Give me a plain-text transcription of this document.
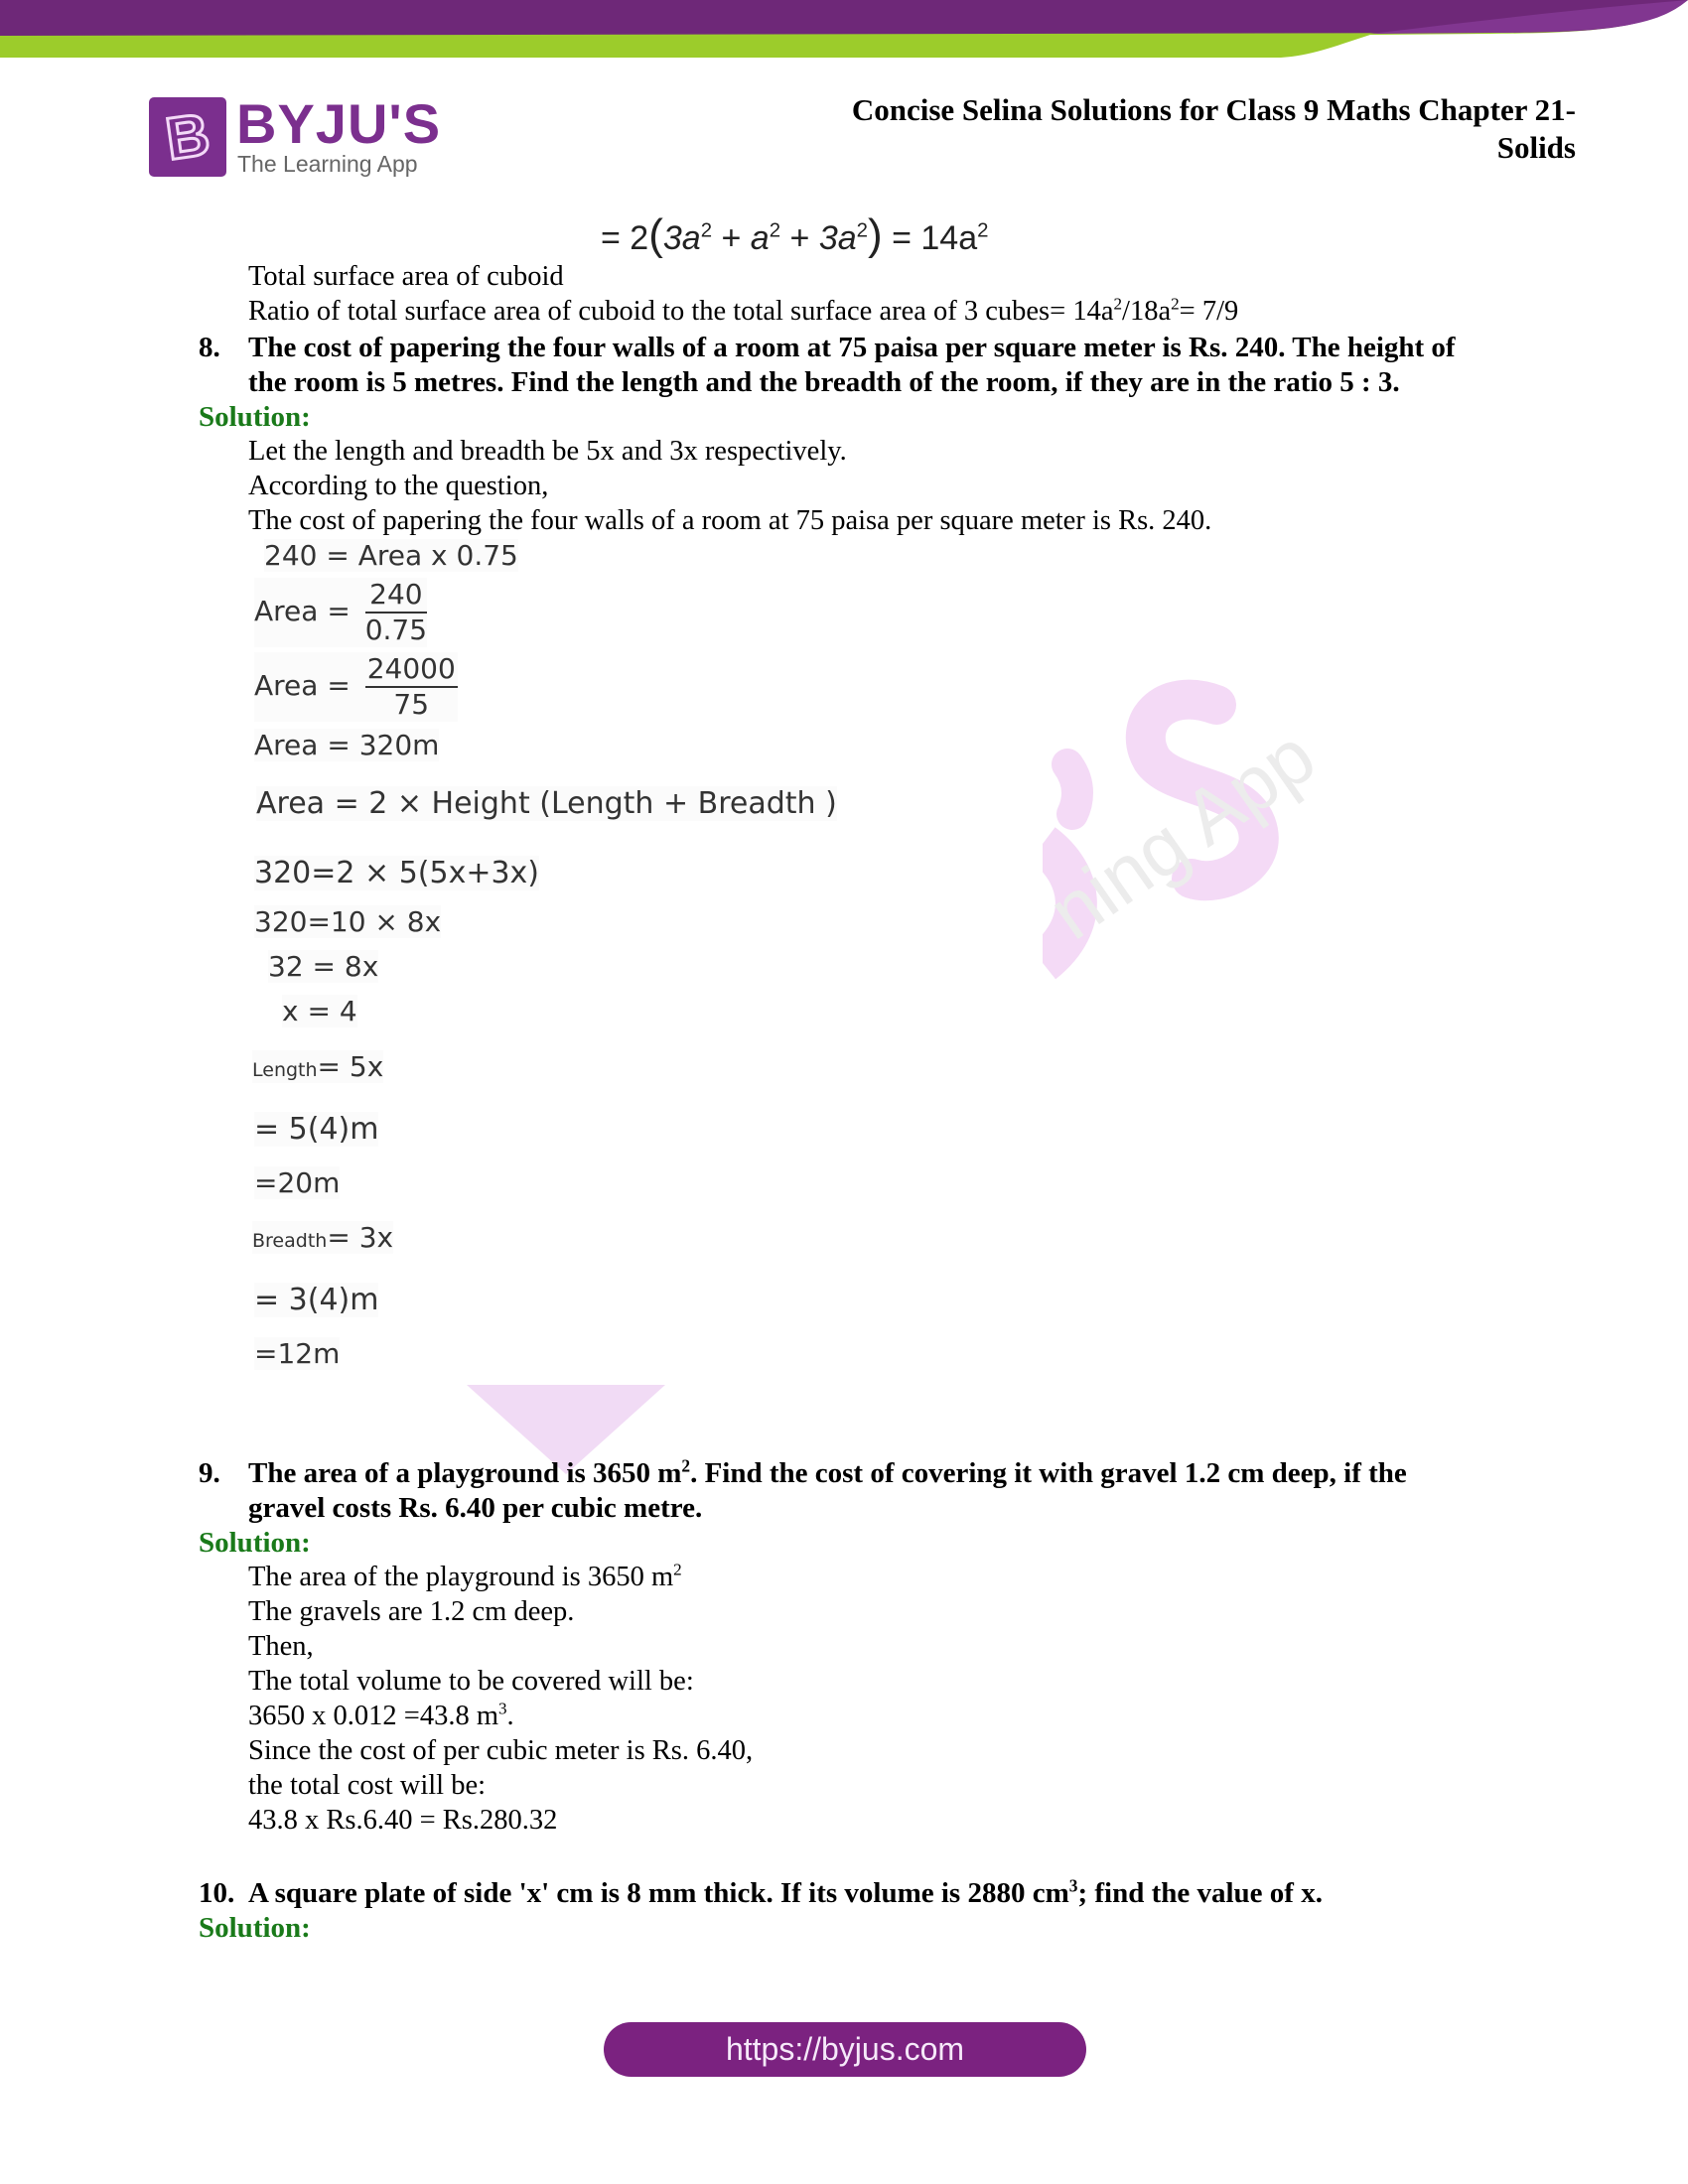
B BYJU'S
The Learning App
Concise Selina Solutions for Class 9 Maths Chapter 21-
Solids
ning App
= $2(3a^2 + a^2 + 3a^2) = 14a^2$
Total surface area of cuboid
Ratio of total surface area of cuboid to the total surface area of 3 cubes= $14a^2/18a^2= 7/9$
8. The cost of papering the four walls of a room at 75 paisa per square meter is Rs. 240. The height of
the room is 5 metres. Find the length and the breadth of the room, if they are in the ratio 5 : 3.
Solution:
Let the length and breadth be 5x and 3x respectively.
According to the question,
The cost of papering the four walls of a room at 75 paisa per square meter is Rs. 240.
240 = Area x 0.75
Area = $\frac{240}{0.75}$
Area = $\frac{24000}{75}$
Area = 320m
Area = 2 × Height (Length + Breadth )
320=2 × 5(5x+3x)
320=10 × 8x
32 = 8x
x = 4
Length= 5x
= 5(4)m
=20m
Breadth= 3x
= 3(4)m
=12m
9. The area of a playground is 3650 $m^2$. Find the cost of covering it with gravel 1.2 cm deep, if the
gravel costs Rs. 6.40 per cubic metre.
Solution:
The area of the playground is 3650 $m^2$
The gravels are 1.2 cm deep.
Then,
The total volume to be covered will be:
3650 x 0.012 =43.8 $m^3$.
Since the cost of per cubic meter is Rs. 6.40,
the total cost will be:
43.8 x Rs.6.40 = Rs.280.32
10. A square plate of side 'x' cm is 8 mm thick. If its volume is 2880 $cm^3$; find the value of x.
Solution:
https://byjus.com
